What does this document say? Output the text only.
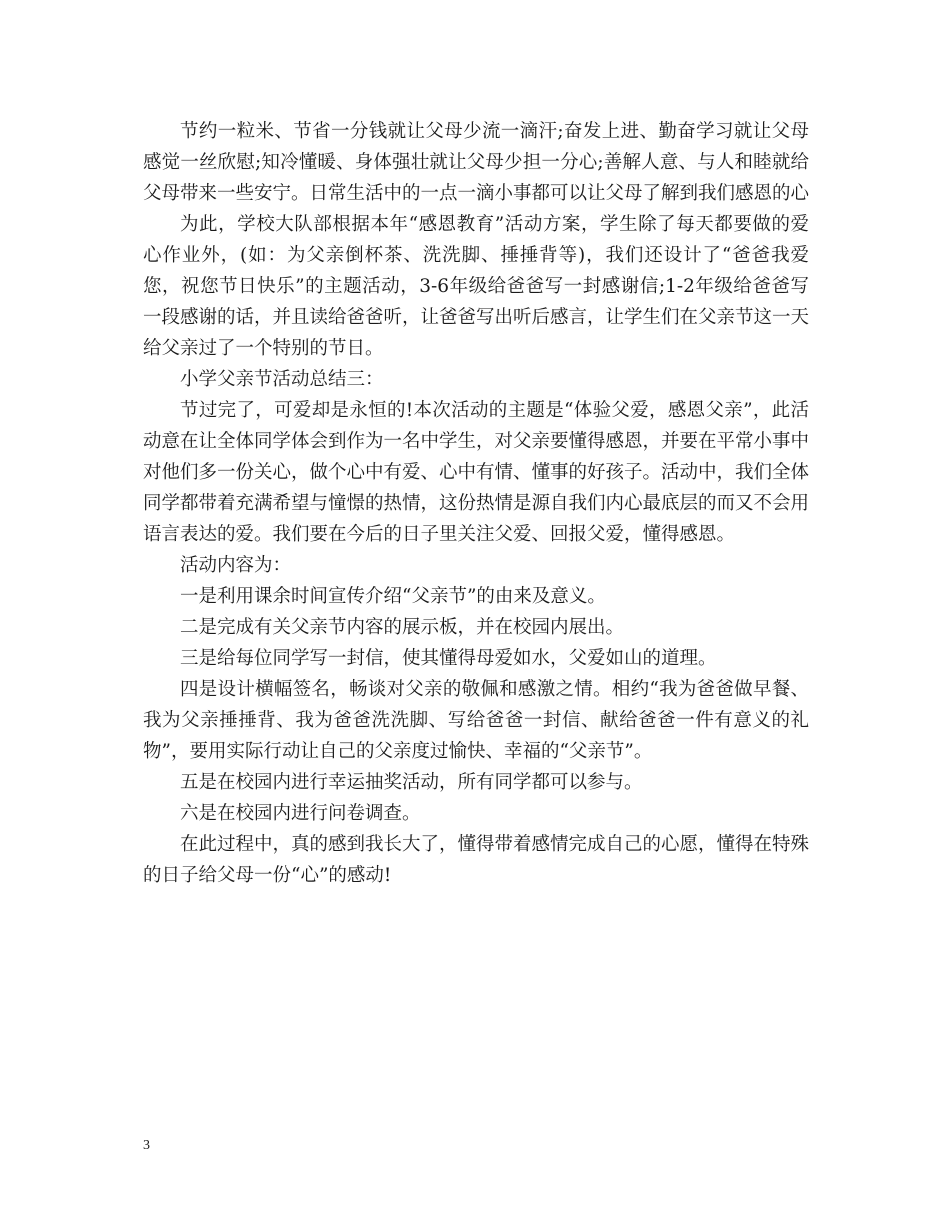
节约一粒米、节省一分钱就让父母少流一滴汗;奋发上进、勤奋学习就让父母感觉一丝欣慰;知冷懂暖、身体强壮就让父母少担一分心;善解人意、与人和睦就给父母带来一些安宁。日常生活中的一点一滴小事都可以让父母了解到我们感恩的心

为此，学校大队部根据本年“感恩教育”活动方案，学生除了每天都要做的爱心作业外，(如：为父亲倒杯茶、洗洗脚、捶捶背等)，我们还设计了“爸爸我爱您，祝您节日快乐”的主题活动，3-6年级给爸爸写一封感谢信;1-2年级给爸爸写一段感谢的话，并且读给爸爸听，让爸爸写出听后感言，让学生们在父亲节这一天给父亲过了一个特别的节日。

小学父亲节活动总结三：

节过完了，可爱却是永恒的!本次活动的主题是“体验父爱，感恩父亲”，此活动意在让全体同学体会到作为一名中学生，对父亲要懂得感恩，并要在平常小事中对他们多一份关心，做个心中有爱、心中有情、懂事的好孩子。活动中，我们全体同学都带着充满希望与憧憬的热情，这份热情是源自我们内心最底层的而又不会用语言表达的爱。我们要在今后的日子里关注父爱、回报父爱，懂得感恩。

活动内容为：

一是利用课余时间宣传介绍“父亲节”的由来及意义。

二是完成有关父亲节内容的展示板，并在校园内展出。

三是给每位同学写一封信，使其懂得母爱如水，父爱如山的道理。

四是设计横幅签名，畅谈对父亲的敬佩和感激之情。相约“我为爸爸做早餐、我为父亲捶捶背、我为爸爸洗洗脚、写给爸爸一封信、献给爸爸一件有意义的礼物”，要用实际行动让自己的父亲度过愉快、幸福的“父亲节”。

五是在校园内进行幸运抽奖活动，所有同学都可以参与。

六是在校园内进行问卷调查。

在此过程中，真的感到我长大了，懂得带着感情完成自己的心愿，懂得在特殊的日子给父母一份“心”的感动!

3
